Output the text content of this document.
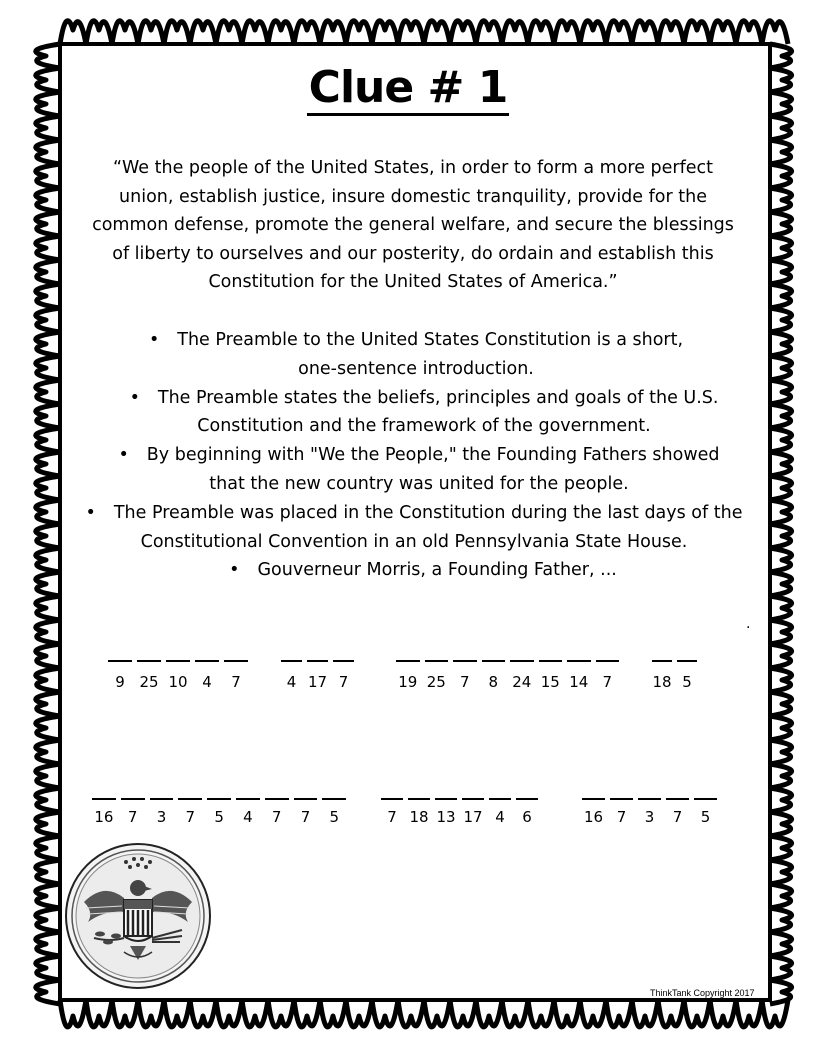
Clue # 1
“We the people of the United States, in order to form a more perfect union, establish justice, insure domestic tranquility, provide for the common defense, promote the general welfare, and secure the blessings of liberty to ourselves and our posterity, do ordain and establish this Constitution for the United States of America.”
• The Preamble to the United States Constitution is a short, one-sentence introduction.
• The Preamble states the beliefs, principles and goals of the U.S. Constitution and the framework of the government.
• By beginning with "We the People," the Founding Fathers showed that the new country was united for the people.
• The Preamble was placed in the Constitution during the last days of the Constitutional Convention in an old Pennsylvania State House.
• Gouverneur Morris, a Founding Father, ...
.
9 25 10 4	7	4 17 7	19 25 7	8 24 15 14 7	18 5
16 7	3	7	5	4	7	7	5	7 18 13 17 4	6	16 7	3	7	5
ThinkTank Copyright 2017
